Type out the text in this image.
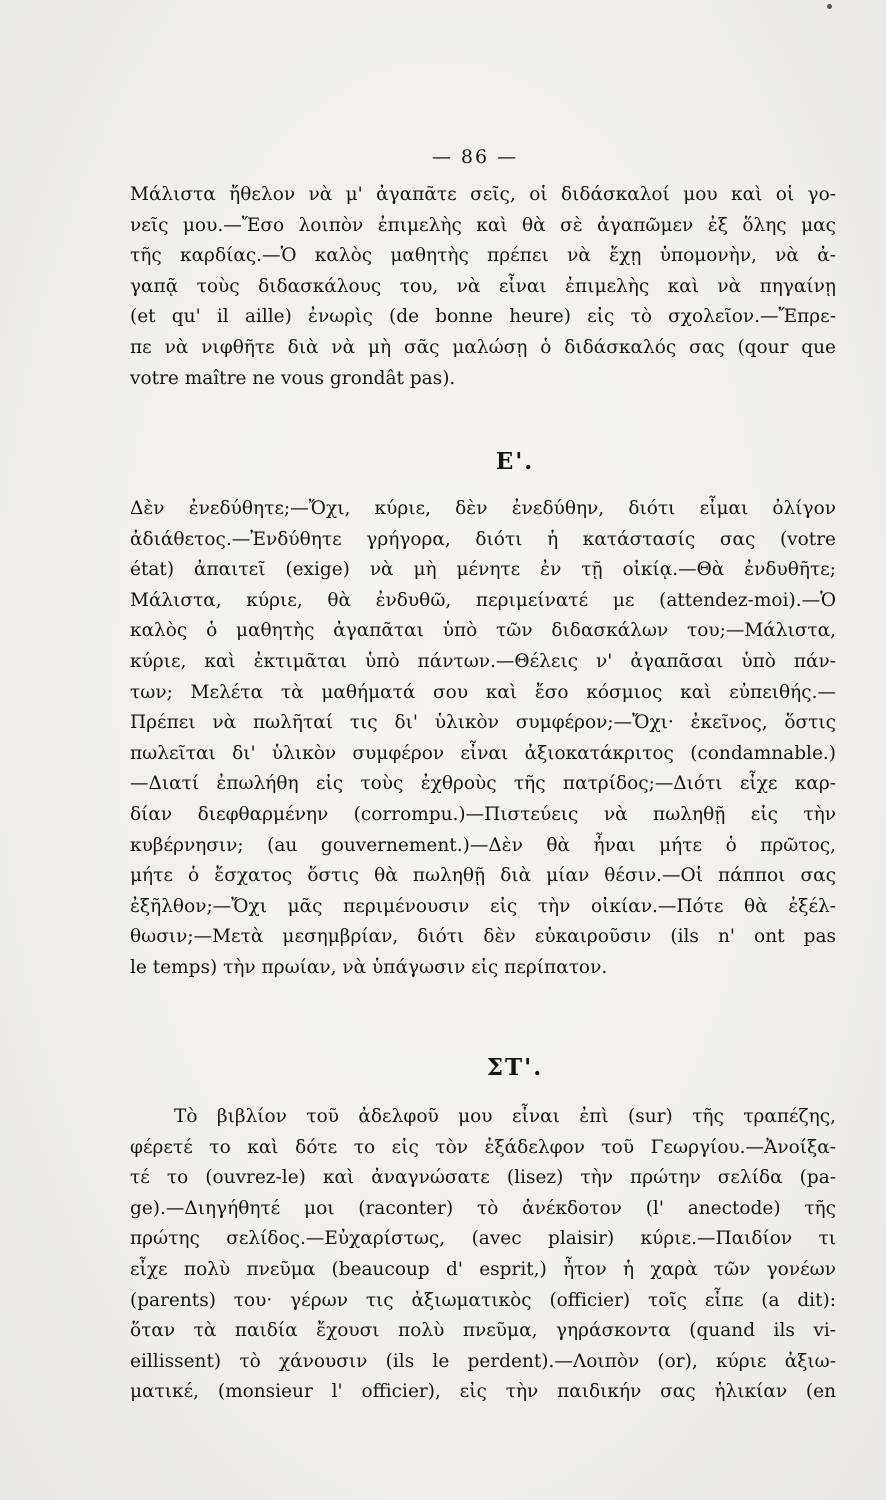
— 86 —
Μάλιστα ἤθελον νὰ μ' ἀγαπᾶτε σεῖς, οἱ διδάσκαλοί μου καὶ οἱ γο-
νεῖς μου.—Ἔσο λοιπὸν ἐπιμελὴς καὶ θὰ σὲ ἀγαπῶμεν ἐξ ὅλης μας
τῆς καρδίας.—Ὁ καλὸς μαθητὴς πρέπει νὰ ἔχῃ ὑπομονὴν, νὰ ἀ-
γαπᾷ τοὺς διδασκάλους του, νὰ εἶναι ἐπιμελὴς καὶ νὰ πηγαίνῃ
(et qu' il aille) ἐνωρὶς (de bonne heure) εἰς τὸ σχολεῖον.—Ἔπρε-
πε νὰ νιφθῆτε διὰ νὰ μὴ σᾶς μαλώσῃ ὁ διδάσκαλός σας (qour que
votre maître ne vous grondât pas).
Ε'.
Δὲν ἐνεδύθητε;—Ὄχι, κύριε, δὲν ἐνεδύθην, διότι εἶμαι ὀλίγον
ἀδιάθετος.—Ἐνδύθητε γρήγορα, διότι ἡ κατάστασίς σας (votre
état) ἀπαιτεῖ (exige) νὰ μὴ μένητε ἐν τῇ οἰκίᾳ.—Θὰ ἐνδυθῆτε;
Μάλιστα, κύριε, θὰ ἐνδυθῶ, περιμείνατέ με (attendez-moi).—Ὁ
καλὸς ὁ μαθητὴς ἀγαπᾶται ὑπὸ τῶν διδασκάλων του;—Μάλιστα,
κύριε, καὶ ἐκτιμᾶται ὑπὸ πάντων.—Θέλεις ν' ἀγαπᾶσαι ὑπὸ πάν-
των; Μελέτα τὰ μαθήματά σου καὶ ἔσο κόσμιος καὶ εὐπειθής.—
Πρέπει νὰ πωλῆταί τις δι' ὑλικὸν συμφέρον;—Ὄχι· ἐκεῖνος, ὅστις
πωλεῖται δι' ὑλικὸν συμφέρον εἶναι ἀξιοκατάκριτος (condamnable.)
—Διατί ἐπωλήθη εἰς τοὺς ἐχθροὺς τῆς πατρίδος;—Διότι εἶχε καρ-
δίαν διεφθαρμένην (corrompu.)—Πιστεύεις νὰ πωληθῇ εἰς τὴν
κυβέρνησιν; (au gouvernement.)—Δὲν θὰ ἦναι μήτε ὁ πρῶτος,
μήτε ὁ ἔσχατος ὅστις θὰ πωληθῇ διὰ μίαν θέσιν.—Οἱ πάπποι σας
ἐξῆλθον;—Ὄχι μᾶς περιμένουσιν εἰς τὴν οἰκίαν.—Πότε θὰ ἐξέλ-
θωσιν;—Μετὰ μεσημβρίαν, διότι δὲν εὐκαιροῦσιν (ils n' ont pas
le temps) τὴν πρωίαν, νὰ ὑπάγωσιν εἰς περίπατον.
ΣΤ'.
Τὸ βιβλίον τοῦ ἀδελφοῦ μου εἶναι ἐπὶ (sur) τῆς τραπέζης,
φέρετέ το καὶ δότε το εἰς τὸν ἐξάδελφον τοῦ Γεωργίου.—Ἀνοίξα-
τέ το (ouvrez-le) καὶ ἀναγνώσατε (lisez) τὴν πρώτην σελίδα (pa-
ge).—Διηγήθητέ μοι (raconter) τὸ ἀνέκδοτον (l' anectode) τῆς
πρώτης σελίδος.—Εὐχαρίστως, (avec plaisir) κύριε.—Παιδίον τι
εἶχε πολὺ πνεῦμα (beaucoup d' esprit,) ἦτον ἡ χαρὰ τῶν γονέων
(parents) του· γέρων τις ἀξιωματικὸς (officier) τοῖς εἶπε (a dit):
ὅταν τὰ παιδία ἔχουσι πολὺ πνεῦμα, γηράσκοντα (quand ils vi-
eillissent) τὸ χάνουσιν (ils le perdent).—Λοιπὸν (or), κύριε ἀξιω-
ματικέ, (monsieur l' officier), εἰς τὴν παιδικήν σας ἡλικίαν (en
